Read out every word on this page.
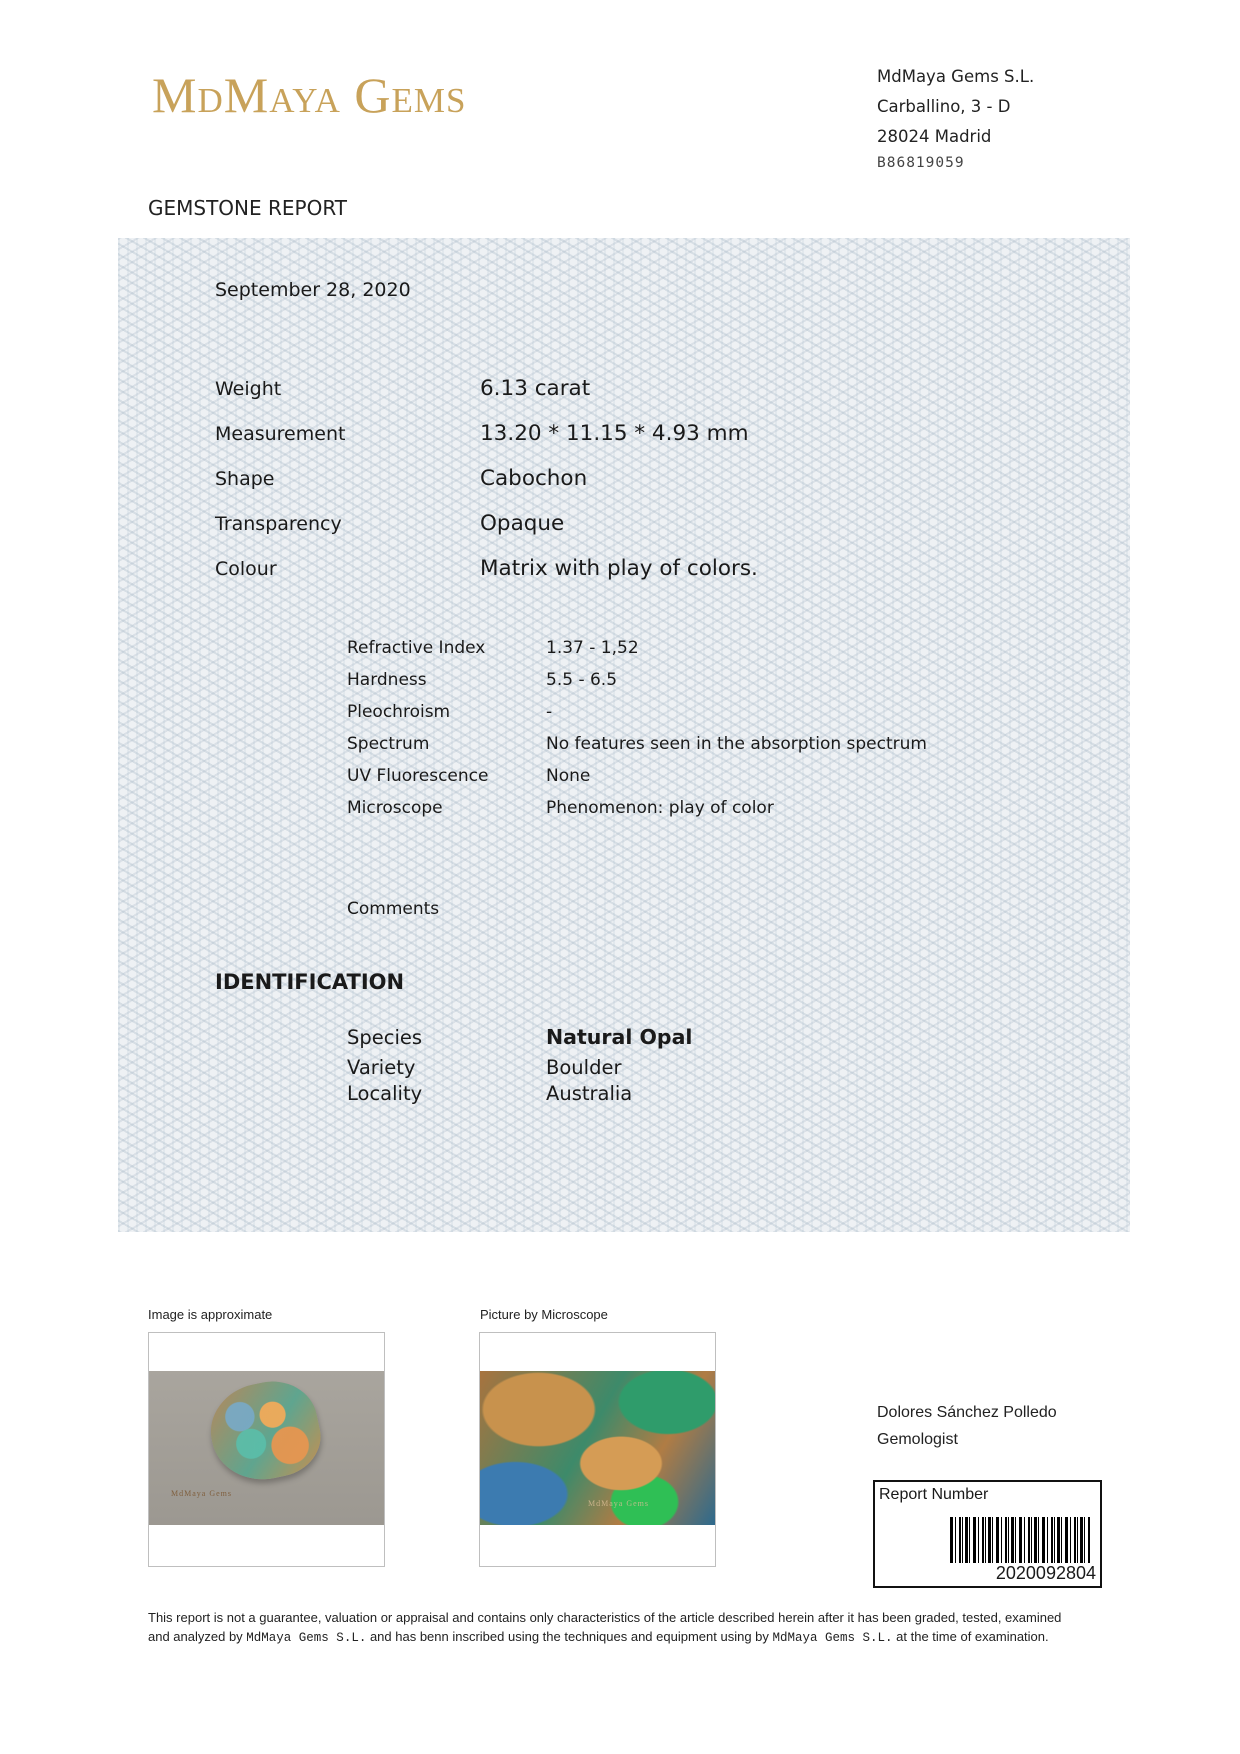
MdMaya Gems	MdMaya Gems S.L.
Carballino, 3 - D
28024 Madrid
B86819059
GEMSTONE REPORT
September 28, 2020
Weight	6.13 carat
Measurement	13.20 * 11.15 * 4.93 mm
Shape	Cabochon
Transparency	Opaque
Colour	Matrix with play of colors.
Refractive Index	1.37 - 1,52
Hardness	5.5 - 6.5
Pleochroism	-
Spectrum	No features seen in the absorption spectrum
UV Fluorescence	None
Microscope	Phenomenon: play of color
Comments
IDENTIFICATION
Species	Natural Opal
Variety	Boulder
Locality	Australia
Image is approximate
MdMaya Gems
Picture by Microscope
MdMaya Gems
Dolores Sánchez Polledo
Gemologist
Report Number
2020092804
This report is not a guarantee, valuation or appraisal and contains only characteristics of the article described herein after it has been graded, tested, examined and analyzed by MdMaya Gems S.L. and has benn inscribed using the techniques and equipment using by MdMaya Gems S.L. at the time of examination.
